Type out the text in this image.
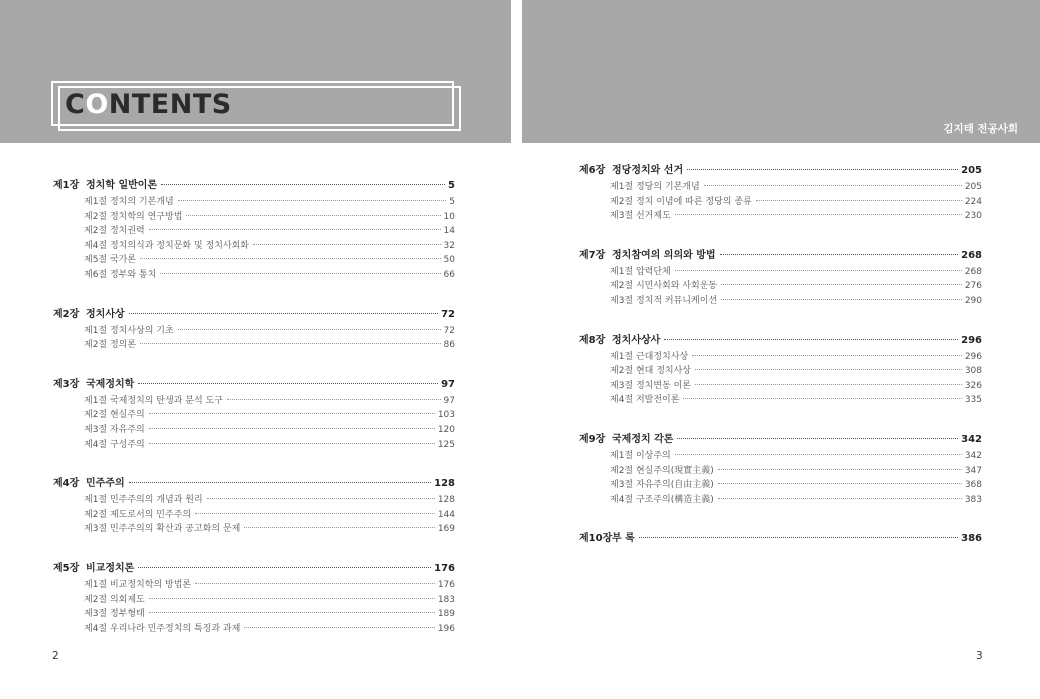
CONTENTS
제1장 정치학 일반이론	5
제1절 정치의 기본개념	5
제2절 정치학의 연구방법	10
제2절 정치권력	14
제4절 정치의식과 정치문화 및 정치사회화	32
제5절 국가론	50
제6절 정부와 통치	66
제2장 정치사상	72
제1절 정치사상의 기초	72
제2절 정의론	86
제3장 국제정치학	97
제1절 국제정치의 탄생과 분석 도구	97
제2절 현실주의	103
제3절 자유주의	120
제4절 구성주의	125
제4장 민주주의	128
제1절 민주주의의 개념과 원리	128
제2절 제도로서의 민주주의	144
제3절 민주주의의 확산과 공고화의 문제	169
제5장 비교정치론	176
제1절 비교정치학의 방법론	176
제2절 의회제도	183
제3절 정부형태	189
제4절 우리나라 민주정치의 특징과 과제	196
2
김지태 전공사회
제6장 정당정치와 선거	205
제1절 정당의 기본개념	205
제2절 정치 이념에 따른 정당의 종류	224
제3절 선거제도	230
제7장 정치참여의 의의와 방법	268
제1절 압력단체	268
제2절 시민사회와 사회운동	276
제3절 정치적 커뮤니케이션	290
제8장 정치사상사	296
제1절 근대정치사상	296
제2절 현대 정치사상	308
제3절 정치변동 이론	326
제4절 저발전이론	335
제9장 국제정치 각론	342
제1절 이상주의	342
제2절 현실주의(現實主義)	347
제3절 자유주의(自由主義)	368
제4절 구조주의(構造主義)	383
제10장 부 록	386
3
